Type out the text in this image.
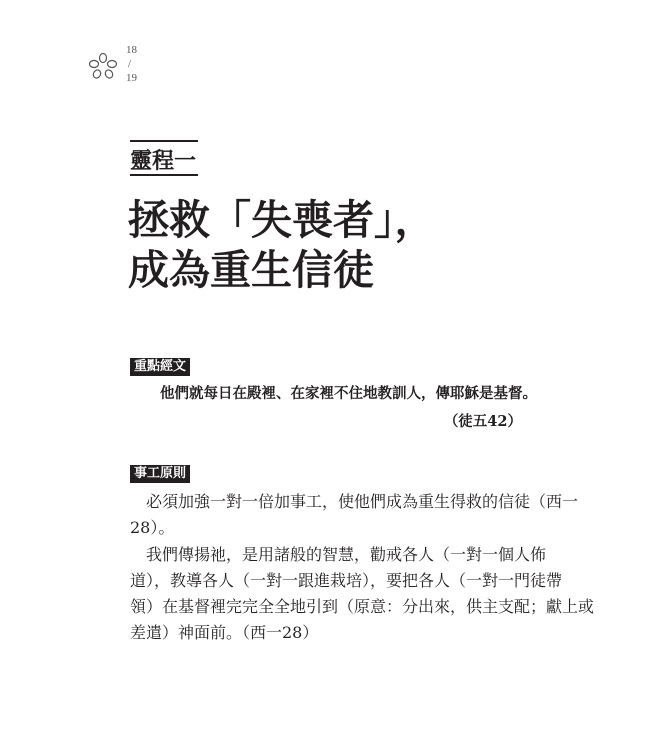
18
/
19
靈程一
拯救「失喪者」，
成為重生信徒
重點經文
他們就每日在殿裡、在家裡不住地教訓人，傳耶穌是基督。
（徒五42）
事工原則
　必須加強一對一倍加事工，使他們成為重生得救的信徒（西一
28）。
　我們傳揚祂，是用諸般的智慧，勸戒各人（一對一個人佈
道），教導各人（一對一跟進栽培），要把各人（一對一門徒帶
領）在基督裡完完全全地引到（原意：分出來，供主支配；獻上或
差遣）神面前。（西一28）
